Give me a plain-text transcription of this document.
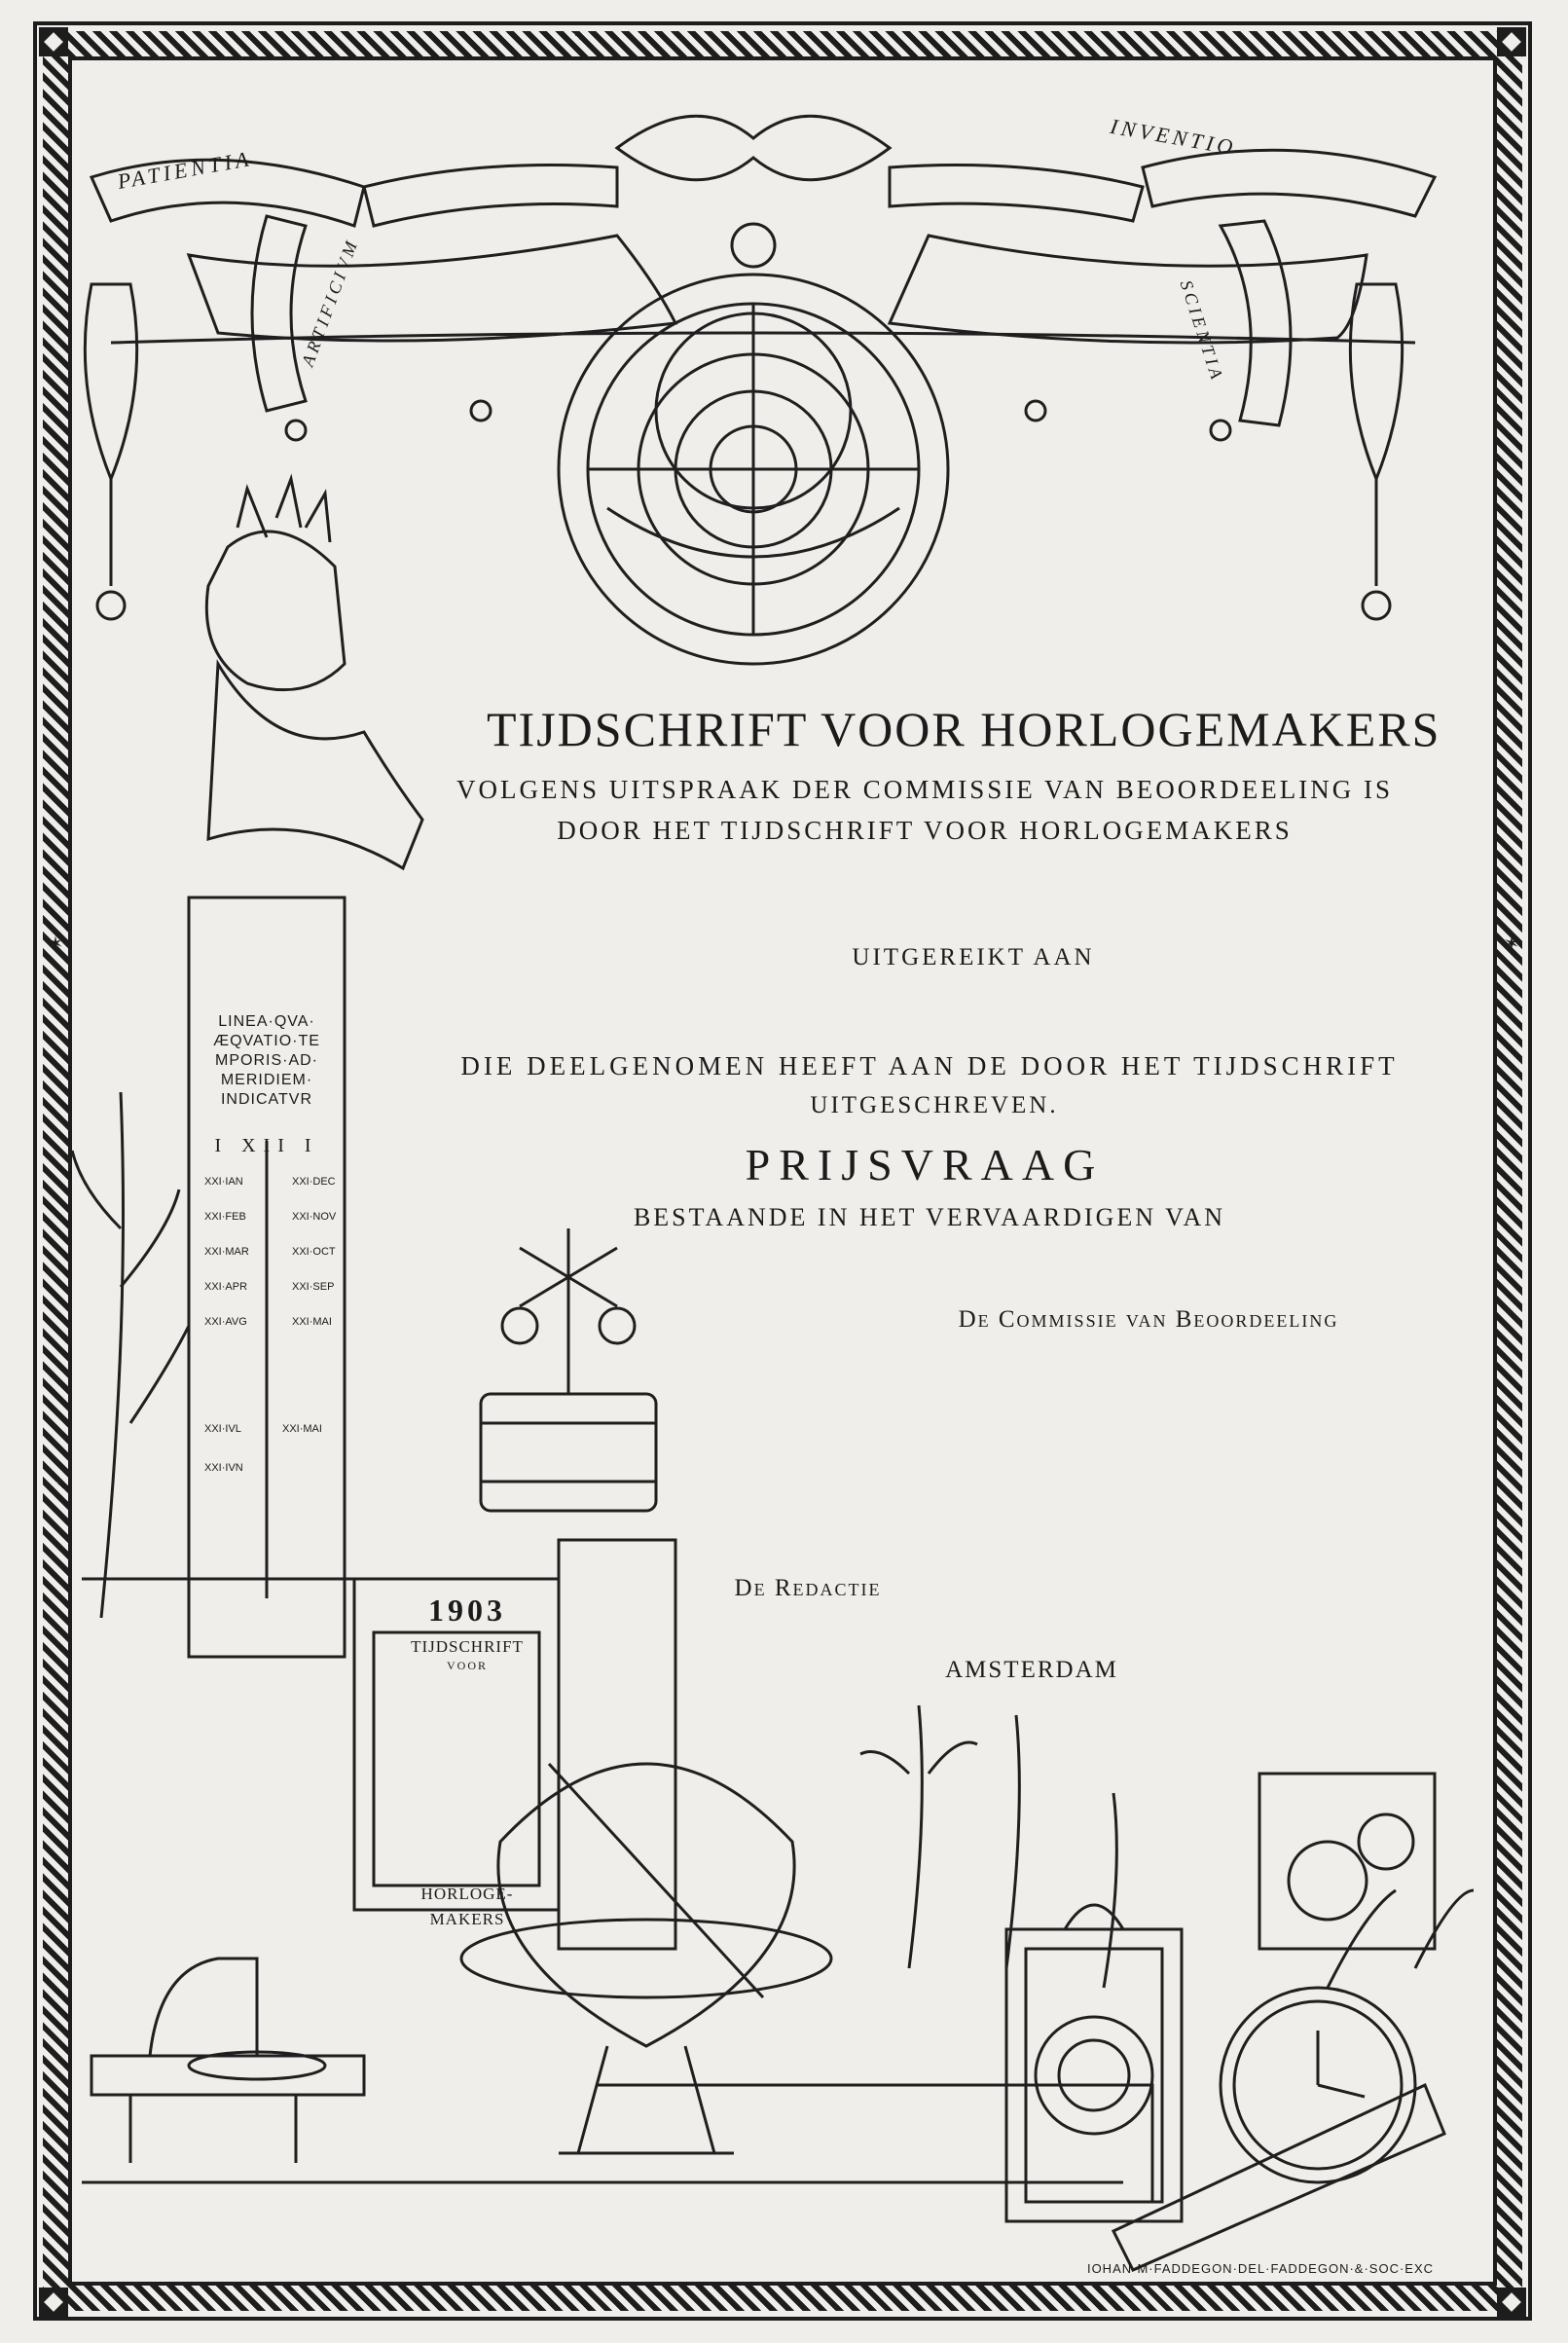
✶	✶
PATIENTIA
INVENTIO
ARTIFICIVM	SCIENTIA
LINEA·QVA·
ÆQVATIO·TE
MPORIS·AD·
MERIDIEM·
INDICATVR
I XII I
XXI·IAN	XXI·DEC
XXI·FEB	XXI·NOV
XXI·MAR	XXI·OCT
XXI·APR	XXI·SEP
XXI·AVG	XXI·MAI
XXI·IVL	XXI·MAI
XXI·IVN
1903
TIJDSCHRIFT
VOOR
HORLOGE-
MAKERS
TIJDSCHRIFT VOOR HORLOGEMAKERS
VOLGENS UITSPRAAK DER COMMISSIE VAN BEOORDEELING IS
DOOR HET TIJDSCHRIFT VOOR HORLOGEMAKERS
UITGEREIKT AAN
DIE DEELGENOMEN HEEFT AAN DE DOOR HET TIJDSCHRIFT
UITGESCHREVEN.
PRIJSVRAAG
BESTAANDE IN HET VERVAARDIGEN VAN
De Commissie van Beoordeeling
De Redactie
AMSTERDAM
IOHAN·M·FADDEGON·DEL·FADDEGON·&·SOC·EXC
